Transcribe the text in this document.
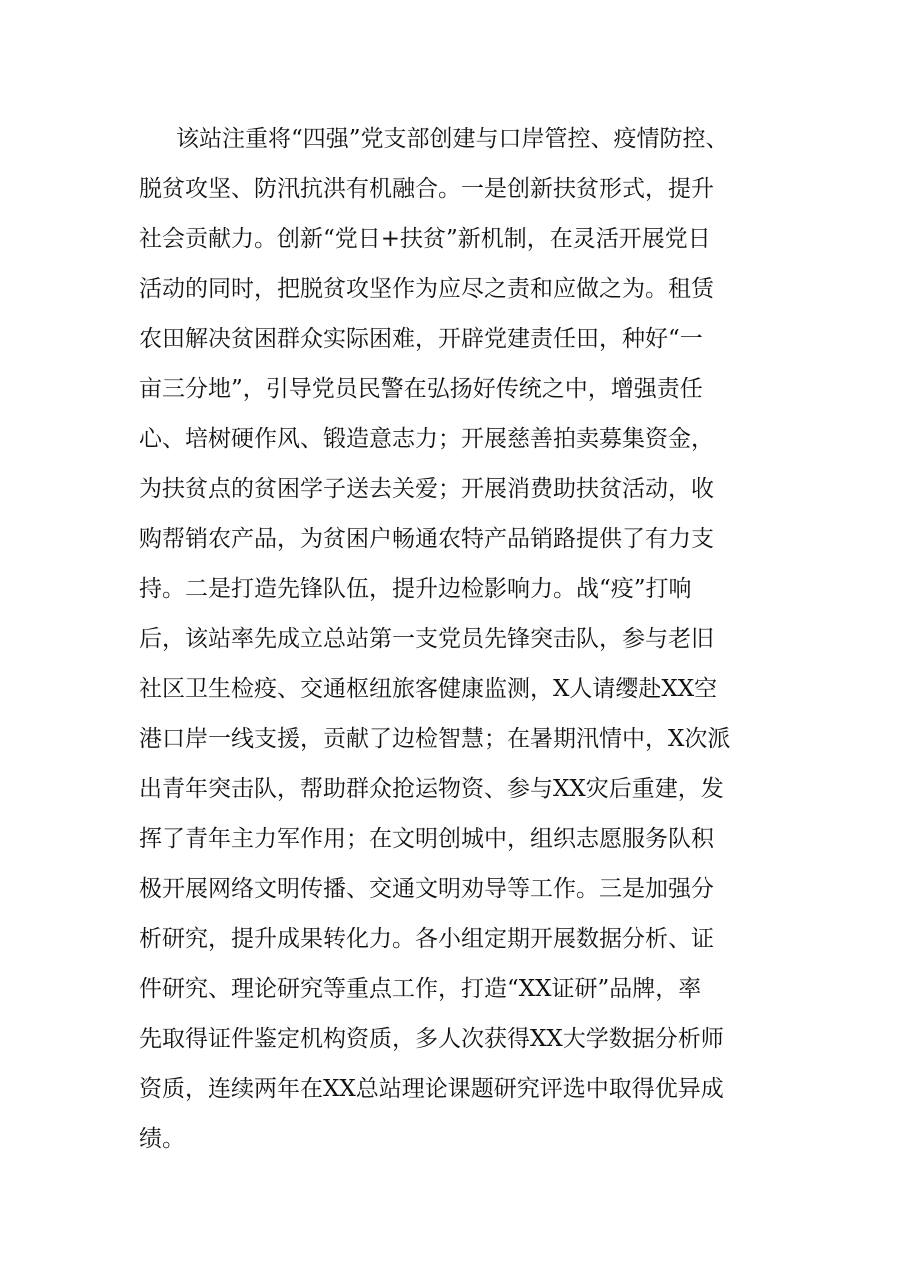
该站注重将“四强”党支部创建与口岸管控、疫情防控、
脱贫攻坚、防汛抗洪有机融合。一是创新扶贫形式，提升
社会贡献力。创新“党日+扶贫”新机制，在灵活开展党日
活动的同时，把脱贫攻坚作为应尽之责和应做之为。租赁
农田解决贫困群众实际困难，开辟党建责任田，种好“一
亩三分地”，引导党员民警在弘扬好传统之中，增强责任
心、培树硬作风、锻造意志力；开展慈善拍卖募集资金，
为扶贫点的贫困学子送去关爱；开展消费助扶贫活动，收
购帮销农产品，为贫困户畅通农特产品销路提供了有力支
持。二是打造先锋队伍，提升边检影响力。战“疫”打响
后，该站率先成立总站第一支党员先锋突击队，参与老旧
社区卫生检疫、交通枢纽旅客健康监测，X人请缨赴XX空
港口岸一线支援，贡献了边检智慧；在暑期汛情中，X次派
出青年突击队，帮助群众抢运物资、参与XX灾后重建，发
挥了青年主力军作用；在文明创城中，组织志愿服务队积
极开展网络文明传播、交通文明劝导等工作。三是加强分
析研究，提升成果转化力。各小组定期开展数据分析、证
件研究、理论研究等重点工作，打造“XX证研”品牌，率
先取得证件鉴定机构资质，多人次获得XX大学数据分析师
资质，连续两年在XX总站理论课题研究评选中取得优异成
绩。
